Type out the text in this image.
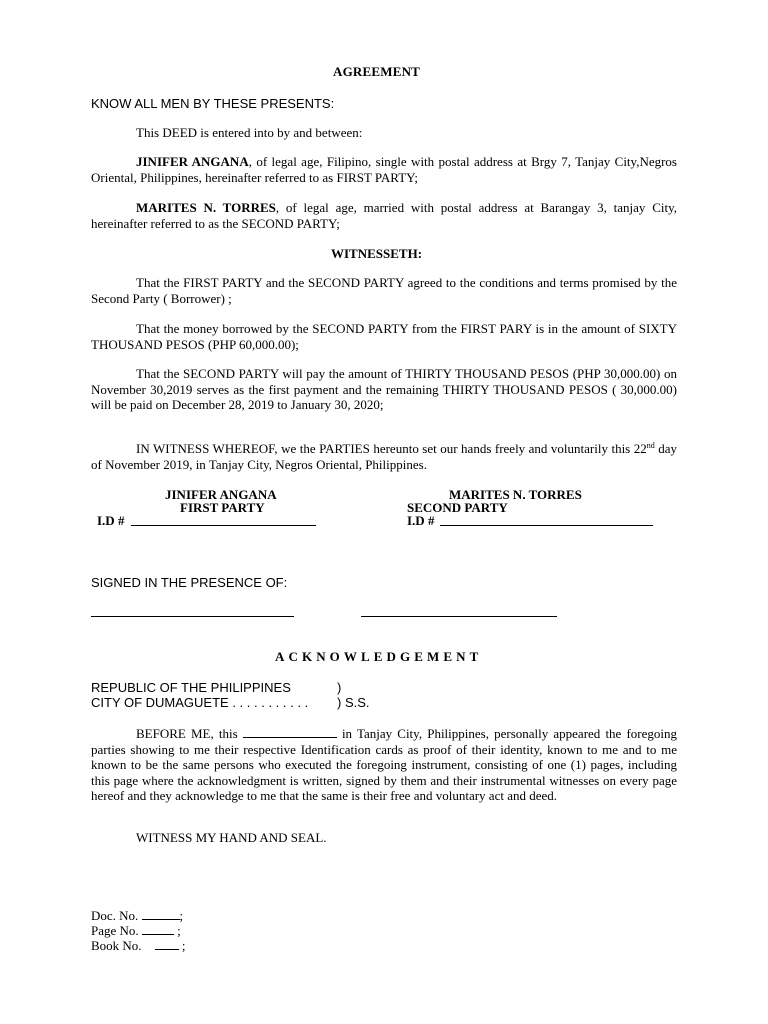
AGREEMENT

KNOW ALL MEN BY THESE PRESENTS:

This DEED is entered into by and between:

JINIFER ANGANA, of legal age, Filipino, single with postal address at Brgy 7, Tanjay City,Negros Oriental, Philippines, hereinafter referred to as FIRST PARTY;

MARITES N. TORRES, of legal age, married with postal address at Barangay 3, tanjay City, hereinafter referred to as the SECOND PARTY;

WITNESSETH:

That the FIRST PARTY and the SECOND PARTY agreed to the conditions and terms promised by the Second Party ( Borrower) ;

That the money borrowed by the SECOND PARTY from the FIRST PARY is in the amount of SIXTY THOUSAND PESOS (PHP 60,000.00);

That the SECOND PARTY will pay the amount of THIRTY THOUSAND PESOS (PHP 30,000.00) on November 30,2019 serves as the first payment and the remaining THIRTY THOUSAND PESOS ( 30,000.00) will be paid on December 28, 2019 to January 30, 2020;

IN WITNESS WHEREOF, we the PARTIES hereunto set our hands freely and voluntarily this 22nd day of November 2019, in Tanjay City, Negros Oriental, Philippines.

JINIFER ANGANA

FIRST PARTY

I.D #

MARITES N. TORRES

SECOND PARTY

I.D #

SIGNED IN THE PRESENCE OF:

ACKNOWLEDGEMENT

REPUBLIC OF THE PHILIPPINES	)

CITY OF DUMAGUETE . . . . . . . . . . . ) S.S.

BEFORE ME, this	in Tanjay City, Philippines, personally appeared the foregoing parties showing to me their respective Identification cards as proof of their identity, known to me and to me known to be the same persons who executed the foregoing instrument, consisting of one (1) pages, including this page where the acknowledgment is written, signed by them and their instrumental witnesses on every page hereof and they acknowledge to me that the same is their free and voluntary act and deed.

WITNESS MY HAND AND SEAL.

Doc. No.	;

Page No.	;

Book No.	;
